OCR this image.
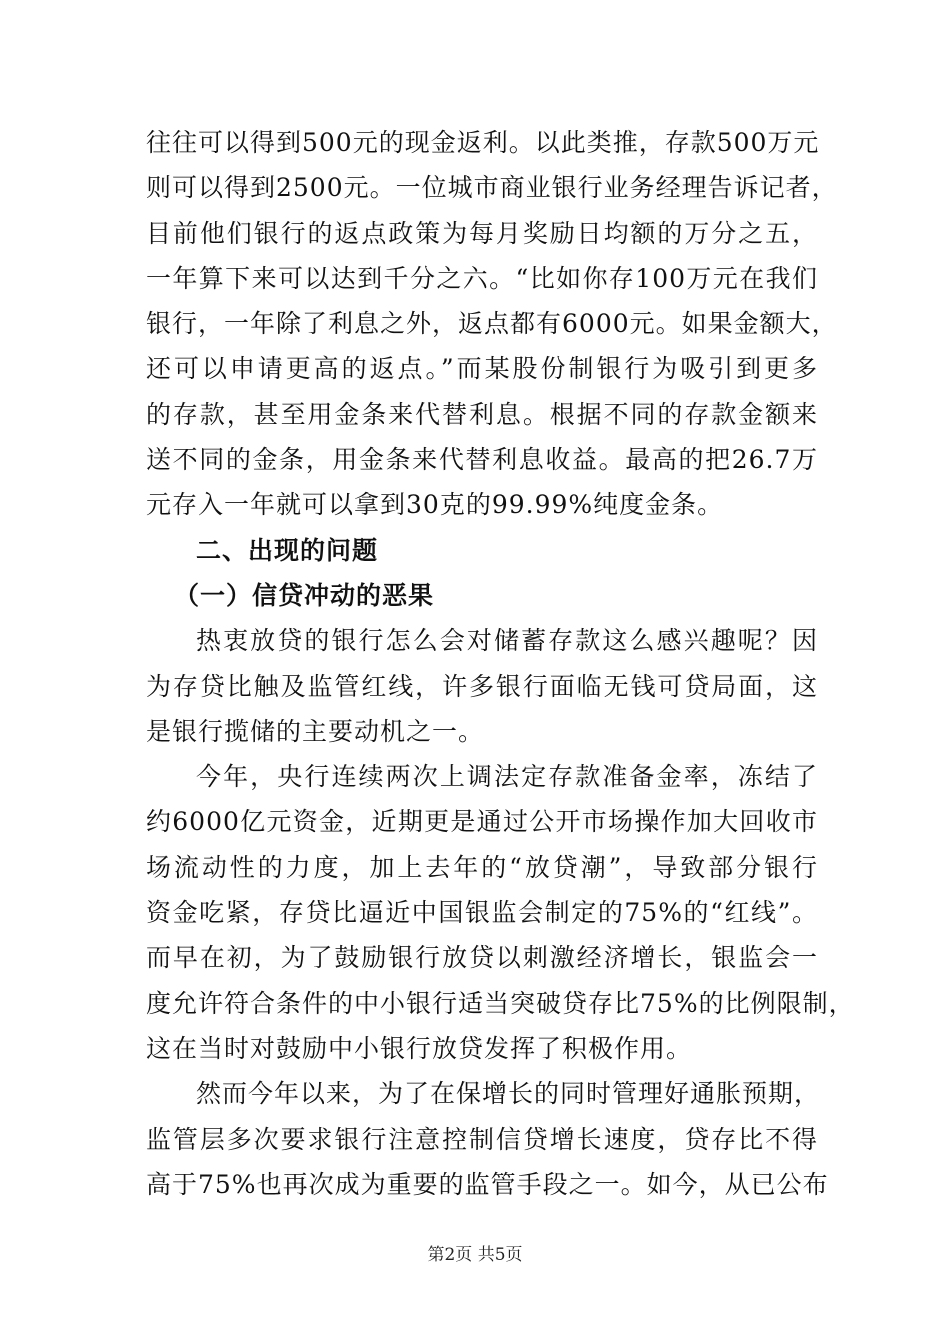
往往可以得到500元的现金返利。以此类推，存款500万元
则可以得到2500元。一位城市商业银行业务经理告诉记者，
目前他们银行的返点政策为每月奖励日均额的万分之五，
一年算下来可以达到千分之六。“比如你存100万元在我们
银行，一年除了利息之外，返点都有6000元。如果金额大，
还可以申请更高的返点。”而某股份制银行为吸引到更多
的存款，甚至用金条来代替利息。根据不同的存款金额来
送不同的金条，用金条来代替利息收益。最高的把26.7万
元存入一年就可以拿到30克的99.99%纯度金条。
二、出现的问题
（一）信贷冲动的恶果
热衷放贷的银行怎么会对储蓄存款这么感兴趣呢？因
为存贷比触及监管红线，许多银行面临无钱可贷局面，这
是银行揽储的主要动机之一。
今年，央行连续两次上调法定存款准备金率，冻结了
约6000亿元资金，近期更是通过公开市场操作加大回收市
场流动性的力度，加上去年的“放贷潮”，导致部分银行
资金吃紧，存贷比逼近中国银监会制定的75%的“红线”。
而早在初，为了鼓励银行放贷以刺激经济增长，银监会一
度允许符合条件的中小银行适当突破贷存比75%的比例限制，
这在当时对鼓励中小银行放贷发挥了积极作用。
然而今年以来，为了在保增长的同时管理好通胀预期，
监管层多次要求银行注意控制信贷增长速度，贷存比不得
高于75%也再次成为重要的监管手段之一。如今，从已公布
第2页 共5页
